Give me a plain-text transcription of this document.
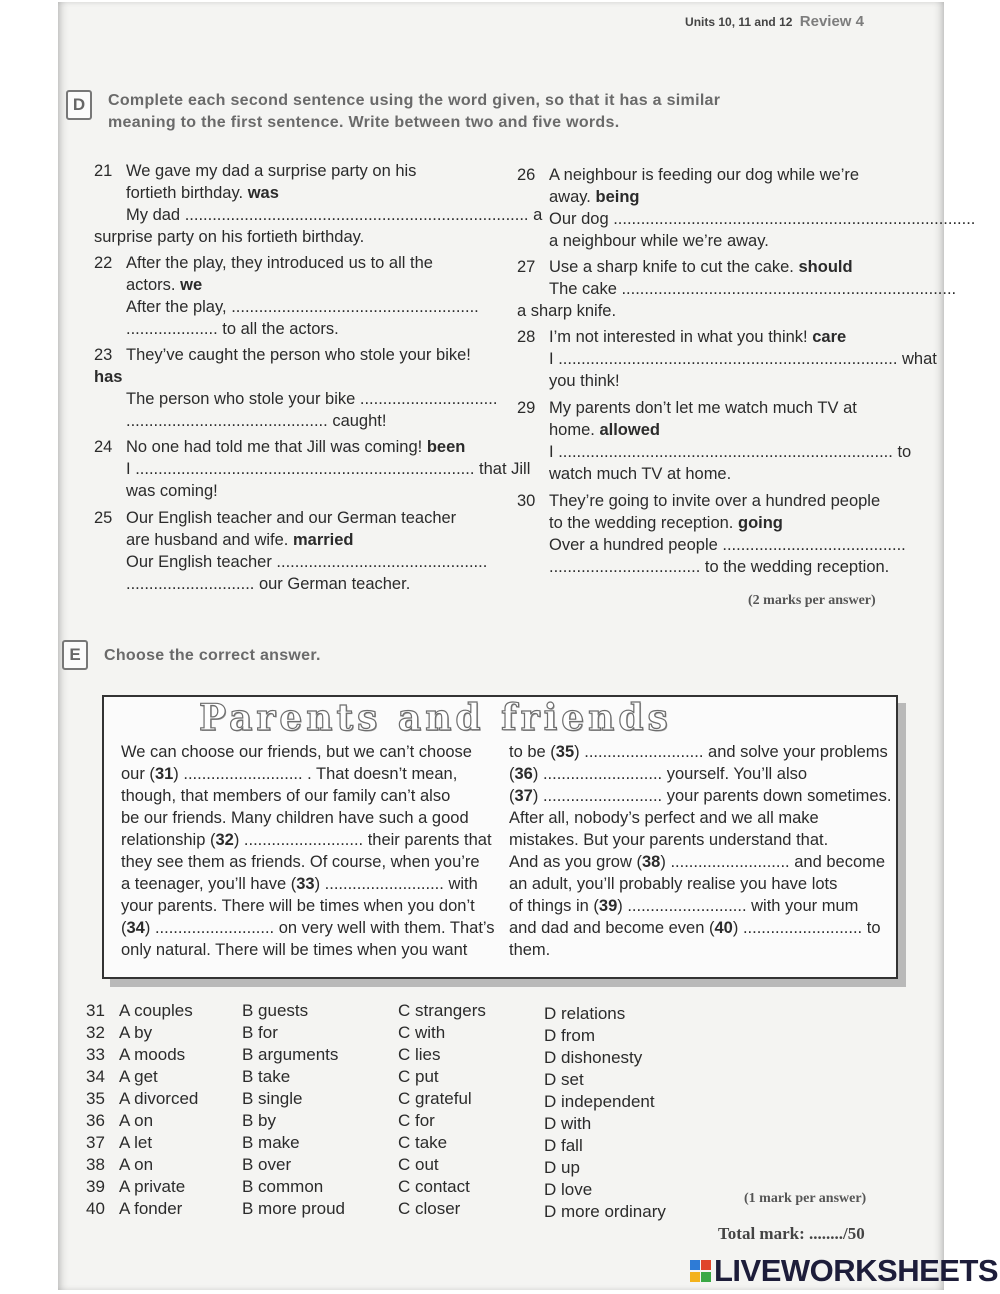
Units 10, 11 and 12 Review 4
D	Complete each second sentence using the word given, so that it has a similar
meaning to the first sentence. Write between two and five words.
21 We gave my dad a surprise party on his
fortieth birthday. was
My dad ........................................................................... a
surprise party on his fortieth birthday.
22 After the play, they introduced us to all the
actors. we
After the play, ......................................................
.................... to all the actors.
23 They’ve caught the person who stole your bike!
has
The person who stole your bike ..............................
............................................ caught!
24 No one had told me that Jill was coming! been
I .......................................................................... that Jill
was coming!
25 Our English teacher and our German teacher
are husband and wife. married
Our English teacher ..............................................
............................ our German teacher.
26 A neighbour is feeding our dog while we’re
away. being
Our dog ...............................................................................
a neighbour while we’re away.
27 Use a sharp knife to cut the cake. should
The cake .........................................................................
a sharp knife.
28 I’m not interested in what you think! care
I .......................................................................... what
you think!
29 My parents don’t let me watch much TV at
home. allowed
I ......................................................................... to
watch much TV at home.
30 They’re going to invite over a hundred people
to the wedding reception. going
Over a hundred people ........................................
................................. to the wedding reception.
(2 marks per answer)
E	Choose the correct answer.
Parents and friends
We can choose our friends, but we can’t choose
our (31) .......................... . That doesn’t mean,
though, that members of our family can’t also
be our friends. Many children have such a good
relationship (32) .......................... their parents that
they see them as friends. Of course, when you’re
a teenager, you’ll have (33) .......................... with
your parents. There will be times when you don’t
(34) .......................... on very well with them. That’s
only natural. There will be times when you want
to be (35) .......................... and solve your problems
(36) .......................... yourself. You’ll also
(37) .......................... your parents down sometimes.
After all, nobody’s perfect and we all make
mistakes. But your parents understand that.
And as you grow (38) .......................... and become
an adult, you’ll probably realise you have lots
of things in (39) .......................... with your mum
and dad and become even (40) .......................... to
them.
31
32
33
34
35
36
37
38
39
40
A couples
A by
A moods
A get
A divorced
A on
A let
A on
A private
A fonder
B guests
B for
B arguments
B take
B single
B by
B make
B over
B common
B more proud
C strangers
C with
C lies
C put
C grateful
C for
C take
C out
C contact
C closer
D relations
D from
D dishonesty
D set
D independent
D with
D fall
D up
D love
D more ordinary
(1 mark per answer)
Total mark: ......../50
LIVEWORKSHEETS
